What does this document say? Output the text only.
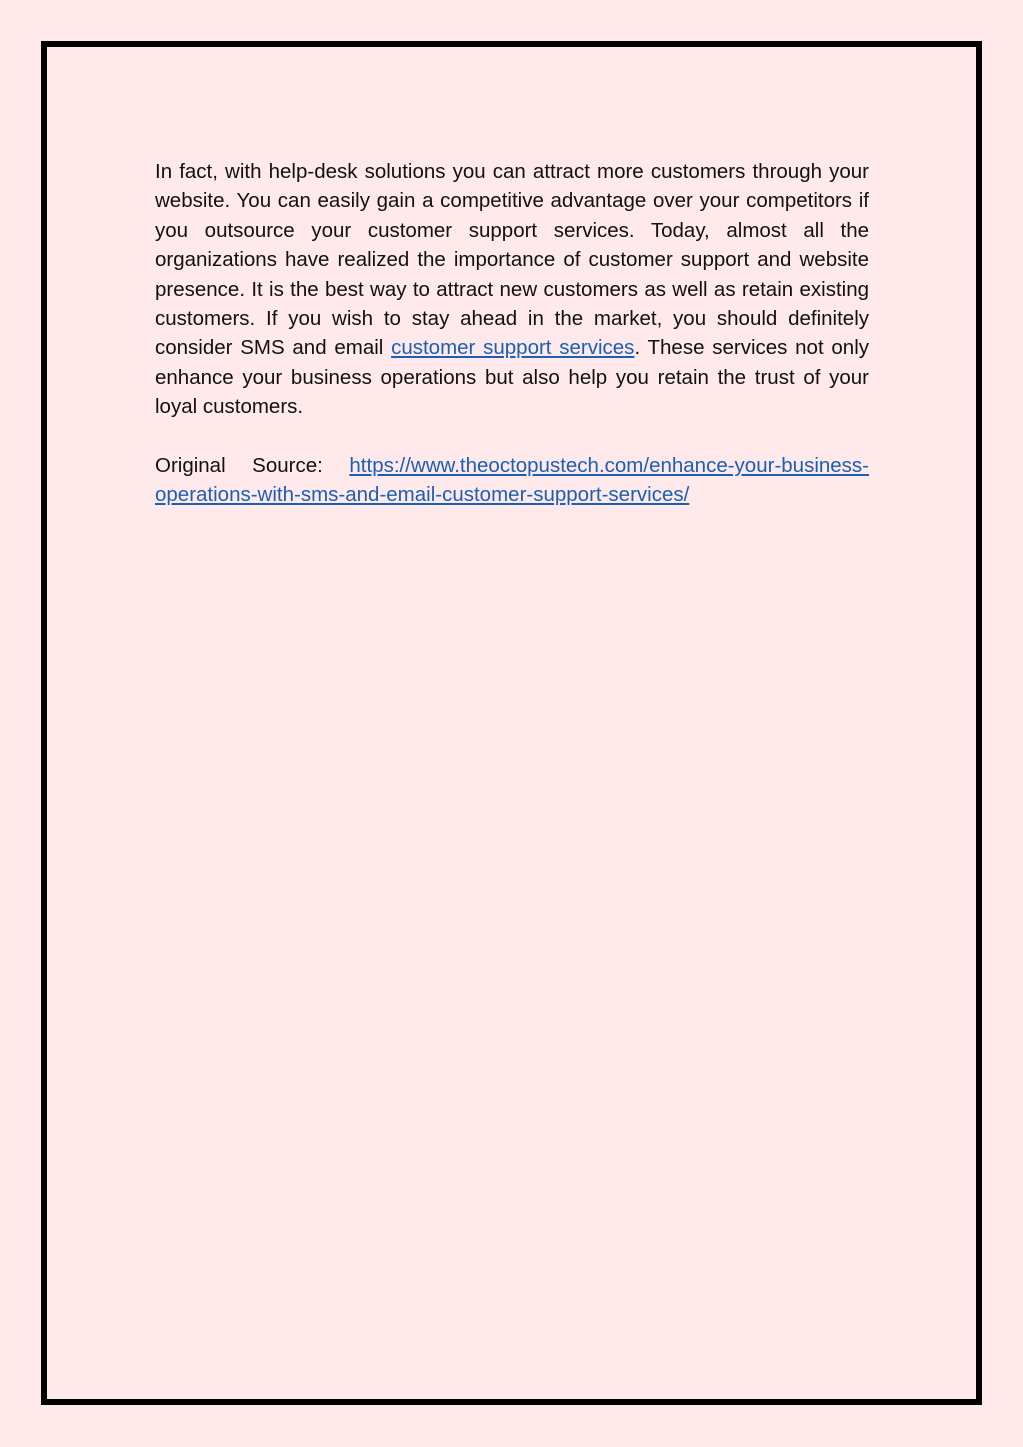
In fact, with help-desk solutions you can attract more customers through your website. You can easily gain a competitive advantage over your competitors if you outsource your customer support services. Today, almost all the organizations have realized the importance of customer support and website presence. It is the best way to attract new customers as well as retain existing customers. If you wish to stay ahead in the market, you should definitely consider SMS and email customer support services. These services not only enhance your business operations but also help you retain the trust of your loyal customers.

Original Source: https://www.theoctopustech.com/enhance-your-business-operations-with-sms-and-email-customer-support-services/
